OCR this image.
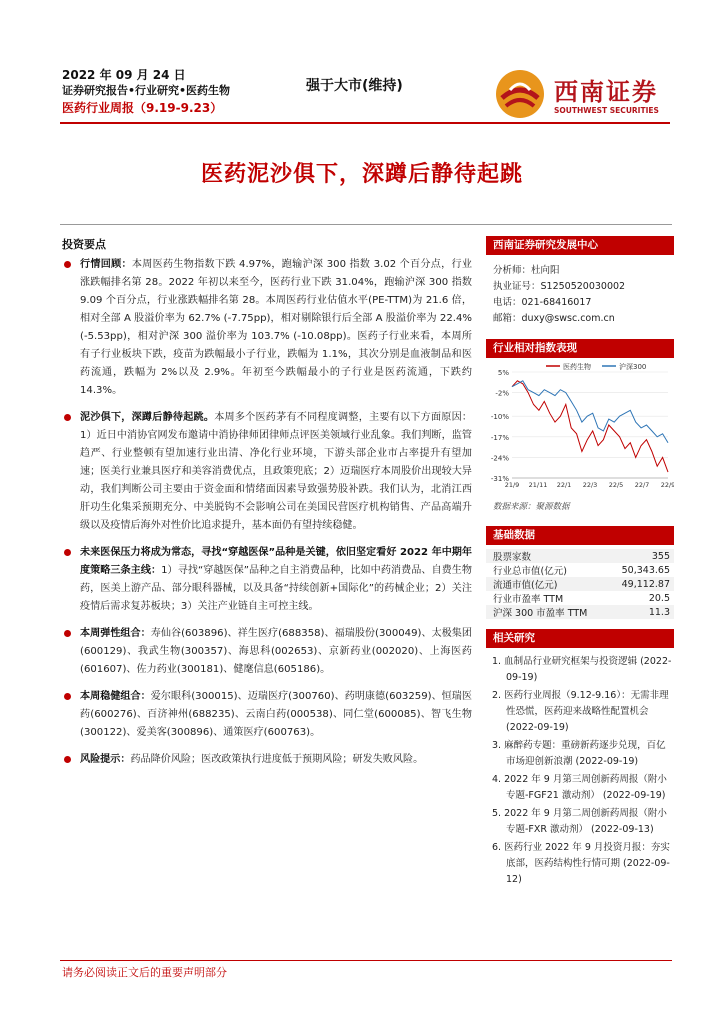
2022 年 09 月 24 日
证券研究报告•行业研究•医药生物
医药行业周报（9.19-9.23）
强于大市(维持)	西南证券
SOUTHWEST SECURITIES
医药泥沙俱下，深蹲后静待起跳
投资要点
行情回顾：本周医药生物指数下跌 4.97%，跑输沪深 300 指数 3.02 个百分点，行业涨跌幅排名第 28。2022 年初以来至今，医药行业下跌 31.04%，跑输沪深 300 指数 9.09 个百分点，行业涨跌幅排名第 28。本周医药行业估值水平(PE-TTM)为 21.6 倍，相对全部 A 股溢价率为 62.7% (-7.75pp)，相对剔除银行后全部 A 股溢价率为 22.4% (-5.53pp)，相对沪深 300 溢价率为 103.7% (-10.08pp)。医药子行业来看，本周所有子行业板块下跌，疫苗为跌幅最小子行业，跌幅为 1.1%，其次分别是血液制品和医药流通，跌幅为 2%以及 2.9%。年初至今跌幅最小的子行业是医药流通，下跌约 14.3%。
泥沙俱下，深蹲后静待起跳。本周多个医药茅有不同程度调整，主要有以下方面原因：1）近日中消协官网发布邀请中消协律师团律师点评医美领域行业乱象。我们判断，监管趋严、行业整顿有望加速行业出清、净化行业环境，下游头部企业市占率提升有望加速；医美行业兼具医疗和美容消费优点，且政策兜底；2）迈瑞医疗本周股价出现较大异动，我们判断公司主要由于资金面和情绪面因素导致强势股补跌。我们认为，北消江西肝功生化集采预期充分、中美脱钩不会影响公司在美国民营医疗机构销售、产品高端升级以及疫情后海外对性价比追求提升，基本面仍有望持续稳健。
未来医保压力将成为常态，寻找“穿越医保”品种是关键，依旧坚定看好 2022 年中期年度策略三条主线：1）寻找“穿越医保”品种之自主消费品种，比如中药消费品、自费生物药，医美上游产品、部分眼科器械，以及具备“持续创新+国际化”的药械企业；2）关注疫情后需求复苏板块；3）关注产业链自主可控主线。
本周弹性组合：寿仙谷(603896)、祥生医疗(688358)、福瑞股份(300049)、太极集团(600129)、我武生物(300357)、海思科(002653)、京新药业(002020)、上海医药(601607)、佐力药业(300181)、健麾信息(605186)。
本周稳健组合：爱尔眼科(300015)、迈瑞医疗(300760)、药明康德(603259)、恒瑞医药(600276)、百济神州(688235)、云南白药(000538)、同仁堂(600085)、智飞生物(300122)、爱美客(300896)、通策医疗(600763)。
风险提示：药品降价风险；医改政策执行进度低于预期风险；研发失败风险。
西南证券研究发展中心
分析师：杜向阳
执业证号：S1250520030002
电话：021-68416017
邮箱：duxy@swsc.com.cn
行业相对指数表现
5%
-2%
-10%
-17%
-24%
-31%
21/9 21/11 22/1 22/3 22/5 22/7 22/9
医药生物	沪深300
数据来源：聚源数据
基础数据
股票家数	355
行业总市值(亿元)	50,343.65
流通市值(亿元)	49,112.87
行业市盈率 TTM	20.5
沪深 300 市盈率 TTM	11.3
相关研究
1. 血制品行业研究框架与投资逻辑 (2022-09-19)
2. 医药行业周报（9.12-9.16）：无需非理性恐慌，医药迎来战略性配置机会 (2022-09-19)
3. 麻醉药专题：重磅新药逐步兑现，百亿市场迎创新浪潮 (2022-09-19)
4. 2022 年 9 月第三周创新药周报（附小专题-FGF21 激动剂） (2022-09-19)
5. 2022 年 9 月第二周创新药周报（附小专题-FXR 激动剂） (2022-09-13)
6. 医药行业 2022 年 9 月投资月报：夯实底部，医药结构性行情可期 (2022-09-12)
请务必阅读正文后的重要声明部分
